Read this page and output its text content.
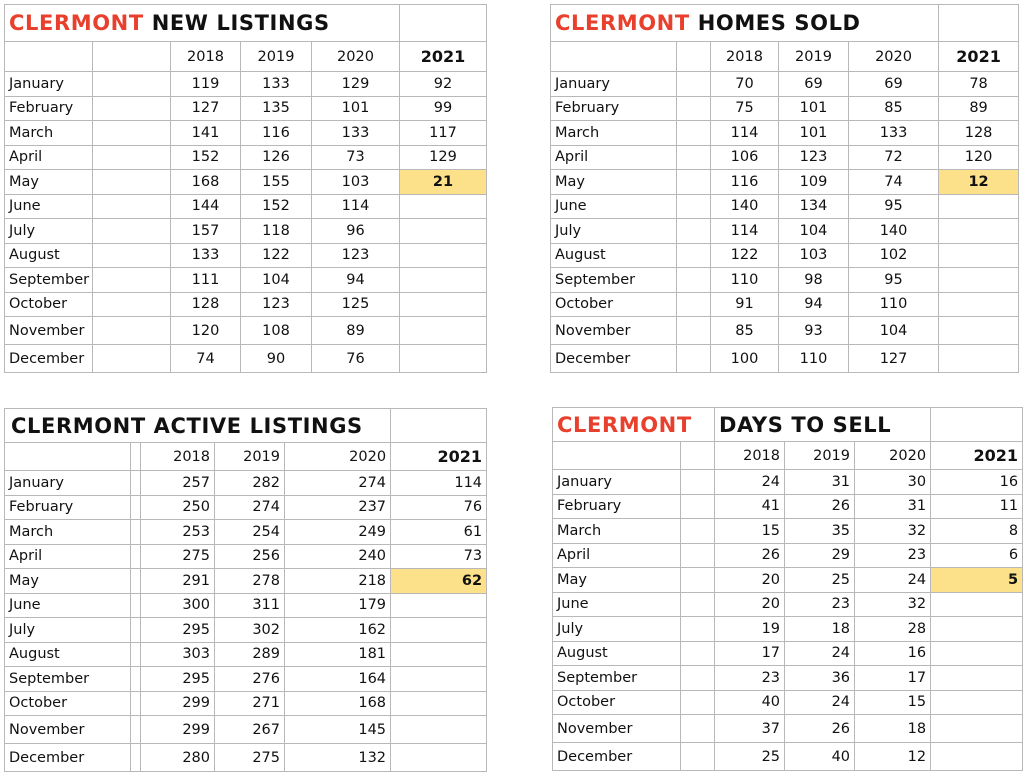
CLERMONT NEW LISTINGS					
		2018	2019	2020	2021
January		119	133	129	92
February		127	135	101	99
March		141	116	133	117
April		152	126	73	129
May		168	155	103	21
June		144	152	114	
July		157	118	96	
August		133	122	123	
September		111	104	94	
October		128	123	125	
November		120	108	89	
December		74	90	76	
CLERMONT HOMES SOLD					
		2018	2019	2020	2021
January		70	69	69	78
February		75	101	85	89
March		114	101	133	128
April		106	123	72	120
May		116	109	74	12
June		140	134	95	
July		114	104	140	
August		122	103	102	
September		110	98	95	
October		91	94	110	
November		85	93	104	
December		100	110	127	
CLERMONT ACTIVE LISTINGS					
		2018	2019	2020	2021
January		257	282	274	114
February		250	274	237	76
March		253	254	249	61
April		275	256	240	73
May		291	278	218	62
June		300	311	179	
July		295	302	162	
August		303	289	181	
September		295	276	164	
October		299	271	168	
November		299	267	145	
December		280	275	132	
CLERMONT		DAYS TO SELL			
		2018	2019	2020	2021
January		24	31	30	16
February		41	26	31	11
March		15	35	32	8
April		26	29	23	6
May		20	25	24	5
June		20	23	32	
July		19	18	28	
August		17	24	16	
September		23	36	17	
October		40	24	15	
November		37	26	18	
December		25	40	12	
